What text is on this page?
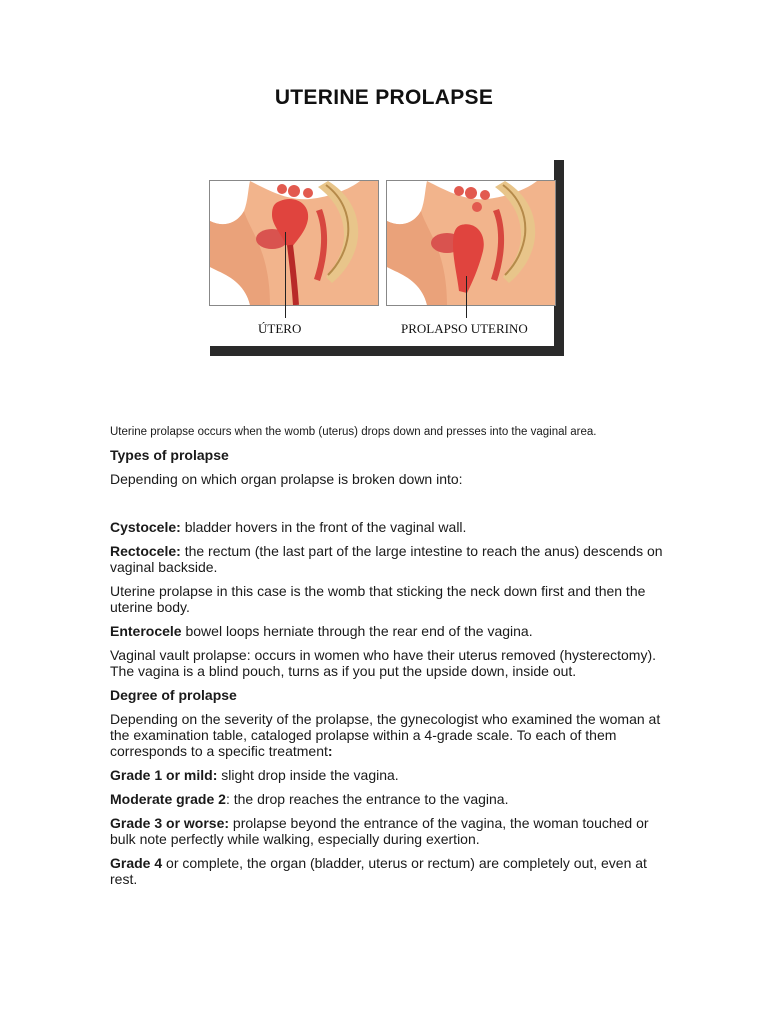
UTERINE PROLAPSE
ÚTERO	PROLAPSO UTERINO

Uterine prolapse occurs when the womb (uterus) drops down and presses into the vaginal area.

Types of prolapse

Depending on which organ prolapse is broken down into:

Cystocele: bladder hovers in the front of the vaginal wall.

Rectocele: the rectum (the last part of the large intestine to reach the anus) descends on vaginal backside.

Uterine prolapse in this case is the womb that sticking the neck down first and then the uterine body.

Enterocele bowel loops herniate through the rear end of the vagina.

Vaginal vault prolapse: occurs in women who have their uterus removed (hysterectomy). The vagina is a blind pouch, turns as if you put the upside down, inside out.

Degree of prolapse

Depending on the severity of the prolapse, the gynecologist who examined the woman at the examination table, cataloged prolapse within a 4-grade scale. To each of them corresponds to a specific treatment:

Grade 1 or mild: slight drop inside the vagina.

Moderate grade 2: the drop reaches the entrance to the vagina.

Grade 3 or worse: prolapse beyond the entrance of the vagina, the woman touched or bulk note perfectly while walking, especially during exertion.

Grade 4 or complete, the organ (bladder, uterus or rectum) are completely out, even at rest.
